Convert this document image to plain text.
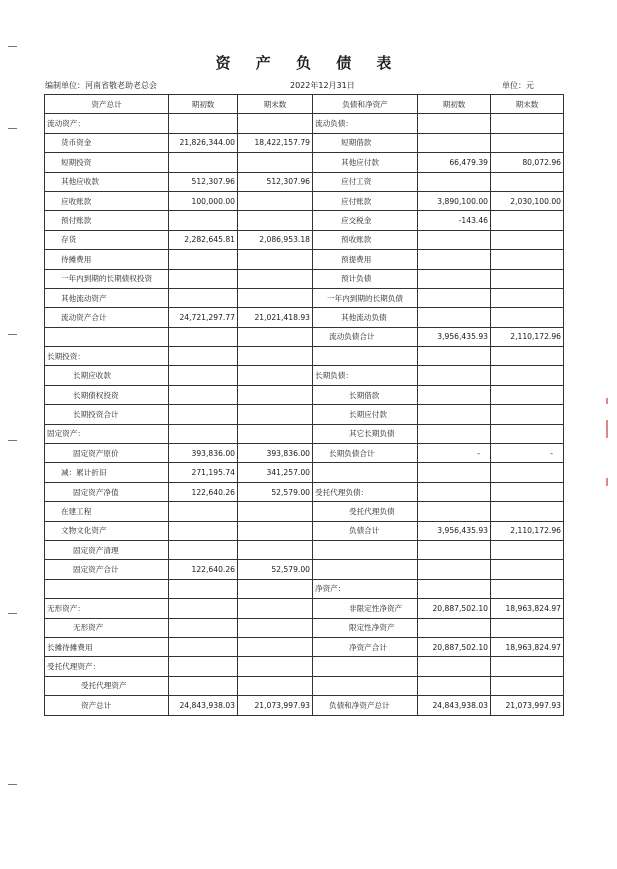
资 产 负 债 表
编制单位：河南省敬老助老总会	2022年12月31日	单位：元
资产总计	期初数	期末数	负债和净资产	期初数	期末数
流动资产：			流动负债：		
货币资金	21,826,344.00	18,422,157.79	短期借款		
短期投资			其他应付款	66,479.39	80,072.96
其他应收款	512,307.96	512,307.96	应付工资		
应收账款	100,000.00		应付账款	3,890,100.00	2,030,100.00
预付账款			应交税金	-143.46	
存货	2,282,645.81	2,086,953.18	预收账款		
待摊费用			预提费用		
一年内到期的长期债权投资			预计负债		
其他流动资产			一年内到期的长期负债		
流动资产合计	24,721,297.77	21,021,418.93	其他流动负债		
			流动负债合计	3,956,435.93	2,110,172.96
长期投资：					
长期应收款			长期负债：		
长期债权投资			长期借款		
长期投资合计			长期应付款		
固定资产：			其它长期负债		
固定资产原价	393,836.00	393,836.00	长期负债合计	-	-
减：累计折旧	271,195.74	341,257.00			
固定资产净值	122,640.26	52,579.00	受托代理负债：		
在建工程			受托代理负债		
文物文化资产			负债合计	3,956,435.93	2,110,172.96
固定资产清理					
固定资产合计	122,640.26	52,579.00			
			净资产：		
无形资产：			非限定性净资产	20,887,502.10	18,963,824.97
无形资产			限定性净资产		
长摊待摊费用			净资产合计	20,887,502.10	18,963,824.97
受托代理资产：					
受托代理资产					
资产总计	24,843,938.03	21,073,997.93	负债和净资产总计	24,843,938.03	21,073,997.93
